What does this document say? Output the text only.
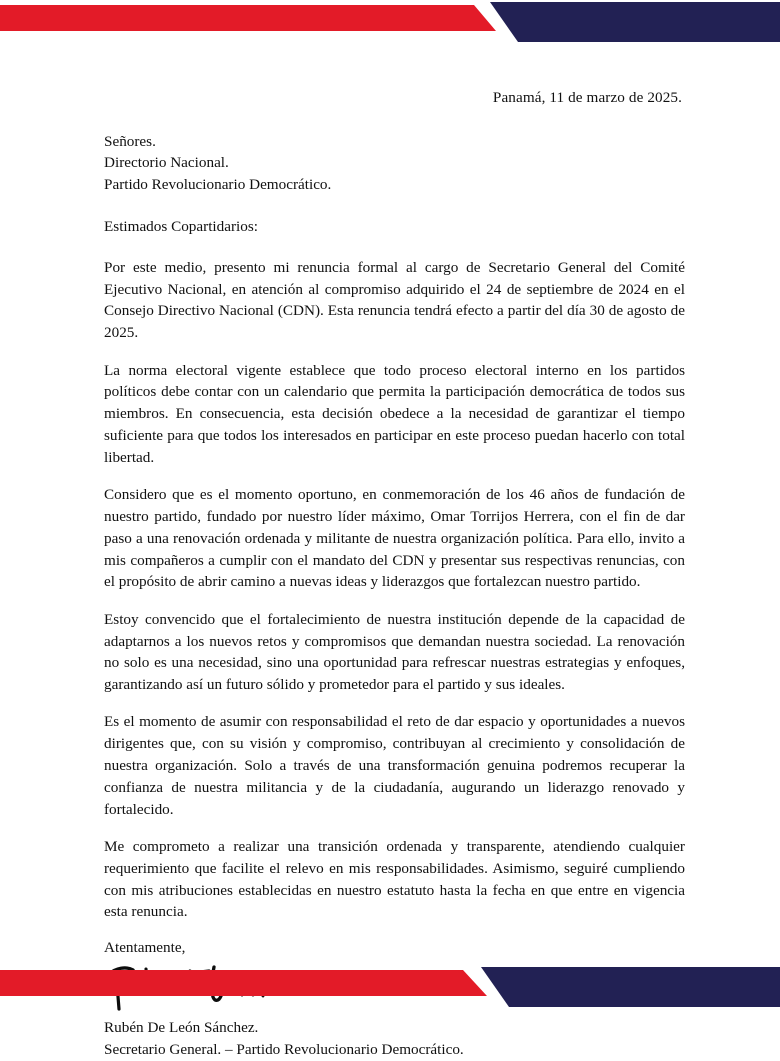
Panamá, 11 de marzo de 2025.
Señores.
Directorio Nacional.
Partido Revolucionario Democrático.
Estimados Copartidarios:

Por este medio, presento mi renuncia formal al cargo de Secretario General del Comité Ejecutivo Nacional, en atención al compromiso adquirido el 24 de septiembre de 2024 en el Consejo Directivo Nacional (CDN). Esta renuncia tendrá efecto a partir del día 30 de agosto de 2025.

La norma electoral vigente establece que todo proceso electoral interno en los partidos políticos debe contar con un calendario que permita la participación democrática de todos sus miembros. En consecuencia, esta decisión obedece a la necesidad de garantizar el tiempo suficiente para que todos los interesados en participar en este proceso puedan hacerlo con total libertad.

Considero que es el momento oportuno, en conmemoración de los 46 años de fundación de nuestro partido, fundado por nuestro líder máximo, Omar Torrijos Herrera, con el fin de dar paso a una renovación ordenada y militante de nuestra organización política. Para ello, invito a mis compañeros a cumplir con el mandato del CDN y presentar sus respectivas renuncias, con el propósito de abrir camino a nuevas ideas y liderazgos que fortalezcan nuestro partido.

Estoy convencido que el fortalecimiento de nuestra institución depende de la capacidad de adaptarnos a los nuevos retos y compromisos que demandan nuestra sociedad. La renovación no solo es una necesidad, sino una oportunidad para refrescar nuestras estrategias y enfoques, garantizando así un futuro sólido y prometedor para el partido y sus ideales.

Es el momento de asumir con responsabilidad el reto de dar espacio y oportunidades a nuevos dirigentes que, con su visión y compromiso, contribuyan al crecimiento y consolidación de nuestra organización. Solo a través de una transformación genuina podremos recuperar la confianza de nuestra militancia y de la ciudadanía, augurando un liderazgo renovado y fortalecido.

Me comprometo a realizar una transición ordenada y transparente, atendiendo cualquier requerimiento que facilite el relevo en mis responsabilidades. Asimismo, seguiré cumpliendo con mis atribuciones establecidas en nuestro estatuto hasta la fecha en que entre en vigencia esta renuncia.

Atentamente,
Rubén De León Sánchez.
Secretario General. – Partido Revolucionario Democrático.
